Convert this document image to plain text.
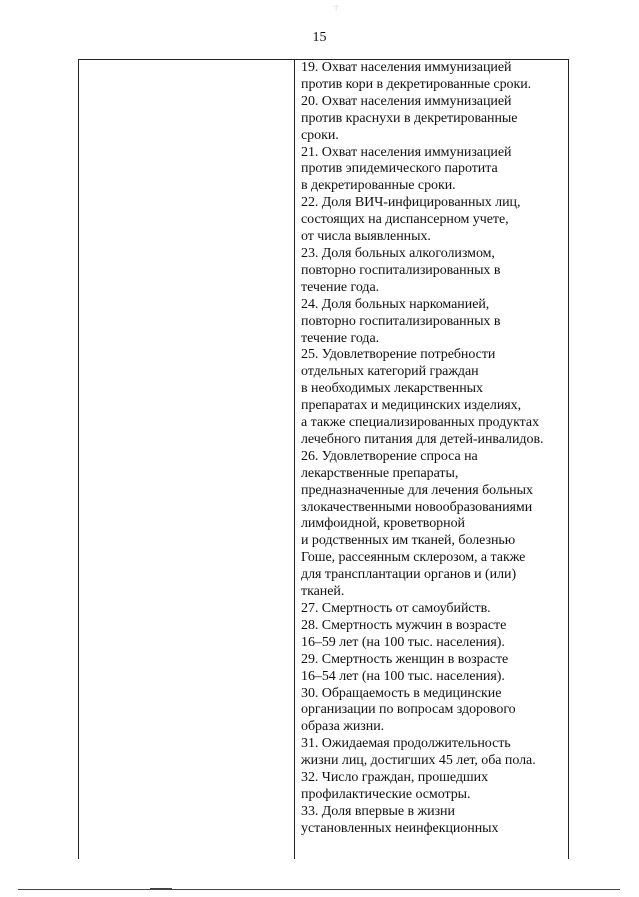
·|·
15
19. Охват населения иммунизацией
против кори в декретированные сроки.
20. Охват населения иммунизацией
против краснухи в декретированные
сроки.
21. Охват населения иммунизацией
против эпидемического паротита
в декретированные сроки.
22. Доля ВИЧ-инфицированных лиц,
состоящих на диспансерном учете,
от числа выявленных.
23. Доля больных алкоголизмом,
повторно госпитализированных в
течение года.
24. Доля больных наркоманией,
повторно госпитализированных в
течение года.
25. Удовлетворение потребности
отдельных категорий граждан
в необходимых лекарственных
препаратах и медицинских изделиях,
а также специализированных продуктах
лечебного питания для детей-инвалидов.
26. Удовлетворение спроса на
лекарственные препараты,
предназначенные для лечения больных
злокачественными новообразованиями
лимфоидной, кроветворной
и родственных им тканей, болезнью
Гоше, рассеянным склерозом, а также
для трансплантации органов и (или)
тканей.
27. Смертность от самоубийств.
28. Смертность мужчин в возрасте
16–59 лет (на 100 тыс. населения).
29. Смертность женщин в возрасте
16–54 лет (на 100 тыс. населения).
30. Обращаемость в медицинские
организации по вопросам здорового
образа жизни.
31. Ожидаемая продолжительность
жизни лиц, достигших 45 лет, оба пола.
32. Число граждан, прошедших
профилактические осмотры.
33. Доля впервые в жизни
установленных неинфекционных
